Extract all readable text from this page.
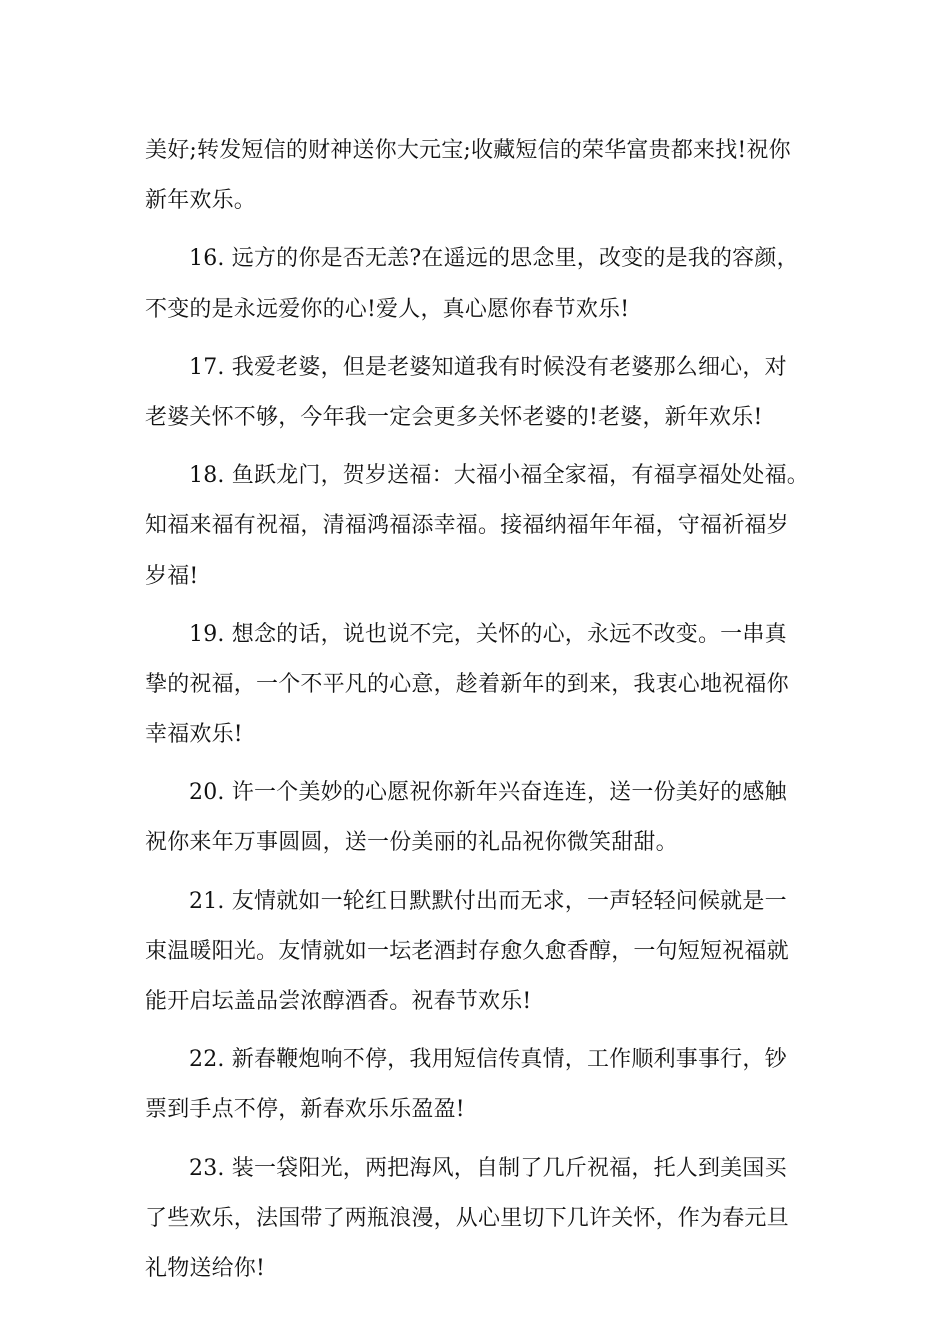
美好;转发短信的财神送你大元宝;收藏短信的荣华富贵都来找!祝你
新年欢乐。
16. 远方的你是否无恙?在遥远的思念里，改变的是我的容颜，
不变的是永远爱你的心!爱人，真心愿你春节欢乐!
17. 我爱老婆，但是老婆知道我有时候没有老婆那么细心，对
老婆关怀不够，今年我一定会更多关怀老婆的!老婆，新年欢乐!
18. 鱼跃龙门，贺岁送福：大福小福全家福，有福享福处处福。
知福来福有祝福，清福鸿福添幸福。接福纳福年年福，守福祈福岁
岁福!
19. 想念的话，说也说不完，关怀的心，永远不改变。一串真
挚的祝福，一个不平凡的心意，趁着新年的到来，我衷心地祝福你
幸福欢乐!
20. 许一个美妙的心愿祝你新年兴奋连连，送一份美好的感触
祝你来年万事圆圆，送一份美丽的礼品祝你微笑甜甜。
21. 友情就如一轮红日默默付出而无求，一声轻轻问候就是一
束温暖阳光。友情就如一坛老酒封存愈久愈香醇，一句短短祝福就
能开启坛盖品尝浓醇酒香。祝春节欢乐!
22. 新春鞭炮响不停，我用短信传真情，工作顺利事事行，钞
票到手点不停，新春欢乐乐盈盈!
23. 装一袋阳光，两把海风，自制了几斤祝福，托人到美国买
了些欢乐，法国带了两瓶浪漫，从心里切下几许关怀，作为春元旦
礼物送给你!
